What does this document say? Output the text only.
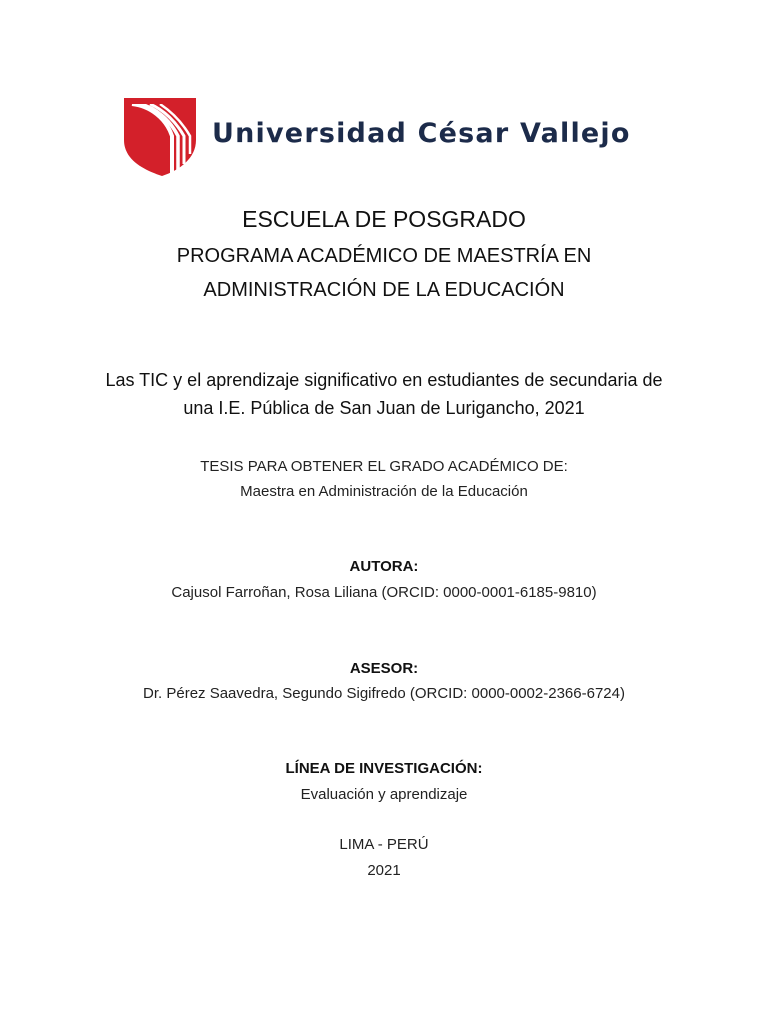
Universidad César Vallejo
ESCUELA DE POSGRADO
PROGRAMA ACADÉMICO DE MAESTRÍA EN
ADMINISTRACIÓN DE LA EDUCACIÓN
Las TIC y el aprendizaje significativo en estudiantes de secundaria de
una I.E. Pública de San Juan de Lurigancho, 2021
TESIS PARA OBTENER EL GRADO ACADÉMICO DE:
Maestra en Administración de la Educación
AUTORA:
Cajusol Farroñan, Rosa Liliana (ORCID: 0000-0001-6185-9810)
ASESOR:
Dr. Pérez Saavedra, Segundo Sigifredo (ORCID: 0000-0002-2366-6724)
LÍNEA DE INVESTIGACIÓN:
Evaluación y aprendizaje
LIMA - PERÚ
2021
